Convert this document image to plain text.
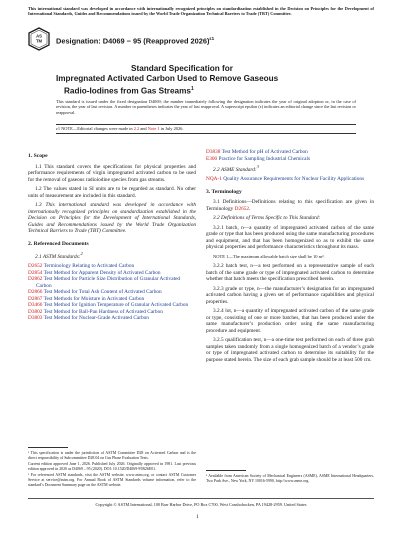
This international standard was developed in accordance with internationally recognized principles on standardization established in the Decision on Principles for the Development of International Standards, Guides and Recommendations issued by the World Trade Organization Technical Barriers to Trade (TBT) Committee.
AS
TM Designation: D4069 − 95 (Reapproved 2026)$^{\varepsilon 1}$
Standard Specification for
Impregnated Activated Carbon Used to Remove Gaseous
Radio-Iodines from Gas Streams$^1$
This standard is issued under the fixed designation D4069; the number immediately following the designation indicates the year of original adoption or, in the case of revision, the year of last revision. A number in parentheses indicates the year of last reapproval. A superscript epsilon (ε) indicates an editorial change since the last revision or reapproval.
ε1 NOTE—Editorial changes were made in 2.2 and Note 1 in July 2026.
1. Scope

1.1 This standard covers the specifications for physical properties and performance requirements of virgin impregnated activated carbon to be used for the removal of gaseous radioiodine species from gas streams.

1.2 The values stated in SI units are to be regarded as standard. No other units of measurement are included in this standard.

1.3 This international standard was developed in accordance with internationally recognized principles on standardization established in the Decision on Principles for the Development of International Standards, Guides and Recommendations issued by the World Trade Organization Technical Barriers to Trade (TBT) Committee.

2. Referenced Documents

2.1 ASTM Standards:$^2$

D2652 Terminology Relating to Activated Carbon
D2854 Test Method for Apparent Density of Activated Carbon
D2862 Test Method for Particle Size Distribution of Granular Activated Carbon
D2866 Test Method for Total Ash Content of Activated Carbon
D2867 Test Methods for Moisture in Activated Carbon
D3466 Test Method for Ignition Temperature of Granular Activated Carbon
D3802 Test Method for Ball-Pan Hardness of Activated Carbon
D3803 Test Method for Nuclear-Grade Activated Carbon

¹ This specification is under the jurisdiction of ASTM Committee D28 on Activated Carbon and is the direct responsibility of Subcommittee D28.04 on Gas Phase Evaluation Tests.

Current edition approved June 1, 2026. Published July 2026. Originally approved in 1981. Last previous edition approved in 2020 as D4069 – 95 (2020). DOI: 10.1520/D4069-95R26E01.

² For referenced ASTM standards, visit the ASTM website, www.astm.org, or contact ASTM Customer Service at service@astm.org. For Annual Book of ASTM Standards volume information, refer to the standard’s Document Summary page on the ASTM website.

D3838 Test Method for pH of Activated Carbon
E300 Practice for Sampling Industrial Chemicals

2.2 ASME Standard:$^3$

NQA-1 Quality Assurance Requirements for Nuclear Facility Applications
3. Terminology

3.1 Definitions—Definitions relating to this specification are given in Terminology D2652.

3.2 Definitions of Terms Specific to This Standard:

3.2.1 batch, n—a quantity of impregnated activated carbon of the same grade or type that has been produced using the same manufacturing procedures and equipment, and that has been homogenized so as to exhibit the same physical properties and performance characteristics throughout its mass.

NOTE 1—The maximum allowable batch size shall be 10 m³.

3.2.2 batch test, n—a test performed on a representative sample of each batch of the same grade or type of impregnated activated carbon to determine whether that batch meets the specification prescribed herein.

3.2.3 grade or type, n—the manufacturer’s designation for an impregnated activated carbon having a given set of performance capabilities and physical properties.

3.2.4 lot, n—a quantity of impregnated activated carbon of the same grade or type, consisting of one or more batches, that has been produced under the same manufacturer’s production order using the same manufacturing procedure and equipment.

3.2.5 qualification test, n—a one-time test performed on each of three grab samples taken randomly from a single homogenized batch of a vendor’s grade or type of impregnated activated carbon to determine its suitability for the purpose stated herein. The size of each grab sample should be at least 500 cm.

³ Available from American Society of Mechanical Engineers (ASME), ASME International Headquarters, Two Park Ave., New York, NY 10016-5990, http://www.asme.org.

Copyright © ASTM International, 100 Barr Harbor Drive, PO Box C700, West Conshohocken, PA 19428-2959. United States
1
